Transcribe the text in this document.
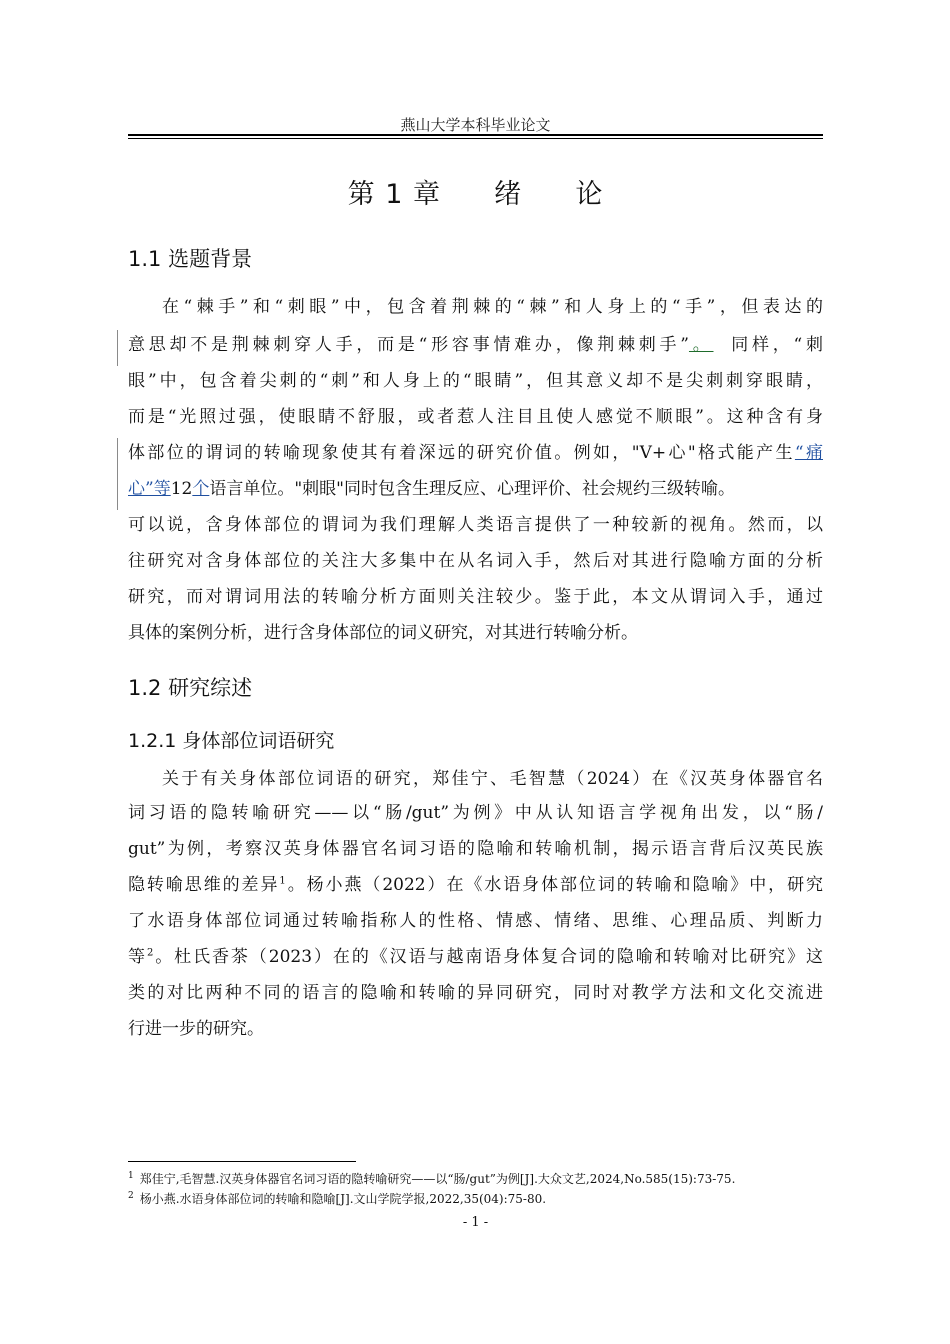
燕山大学本科毕业论文
第 1 章 绪 论
1.1 选题背景
在“棘手”和“刺眼”中，包含着荆棘的“棘”和人身上的“手”，但表达的
意思却不是荆棘刺穿人手，而是“形容事情难办，像荆棘刺手”。 同样，“刺
眼”中，包含着尖刺的“刺”和人身上的“眼睛”，但其意义却不是尖刺刺穿眼睛，
而是“光照过强，使眼睛不舒服，或者惹人注目且使人感觉不顺眼”。这种含有身
体部位的谓词的转喻现象使其有着深远的研究价值。例如，"V+心"格式能产生“痛
心”等12个语言单位。"刺眼"同时包含生理反应、心理评价、社会规约三级转喻。
可以说，含身体部位的谓词为我们理解人类语言提供了一种较新的视角。然而，以
往研究对含身体部位的关注大多集中在从名词入手，然后对其进行隐喻方面的分析
研究，而对谓词用法的转喻分析方面则关注较少。鉴于此，本文从谓词入手，通过
具体的案例分析，进行含身体部位的词义研究，对其进行转喻分析。
1.2 研究综述
1.2.1 身体部位词语研究
关于有关身体部位词语的研究，郑佳宁、毛智慧（2024）在《汉英身体器官名
词习语的隐转喻研究——以“肠/gut”为例》中从认知语言学视角出发，以“肠/
gut”为例，考察汉英身体器官名词习语的隐喻和转喻机制，揭示语言背后汉英民族
隐转喻思维的差异$^1$。杨小燕（2022）在《水语身体部位词的转喻和隐喻》中，研究
了水语身体部位词通过转喻指称人的性格、情感、情绪、思维、心理品质、判断力
等$^2$。杜氏香茶（2023）在的《汉语与越南语身体复合词的隐喻和转喻对比研究》这
类的对比两种不同的语言的隐喻和转喻的异同研究，同时对教学方法和文化交流进
行进一步的研究。
$^1$ 郑佳宁,毛智慧.汉英身体器官名词习语的隐转喻研究——以“肠/gut”为例[J].大众文艺,2024,No.585(15):73-75.
$^2$ 杨小燕.水语身体部位词的转喻和隐喻[J].文山学院学报,2022,35(04):75-80.
- 1 -
